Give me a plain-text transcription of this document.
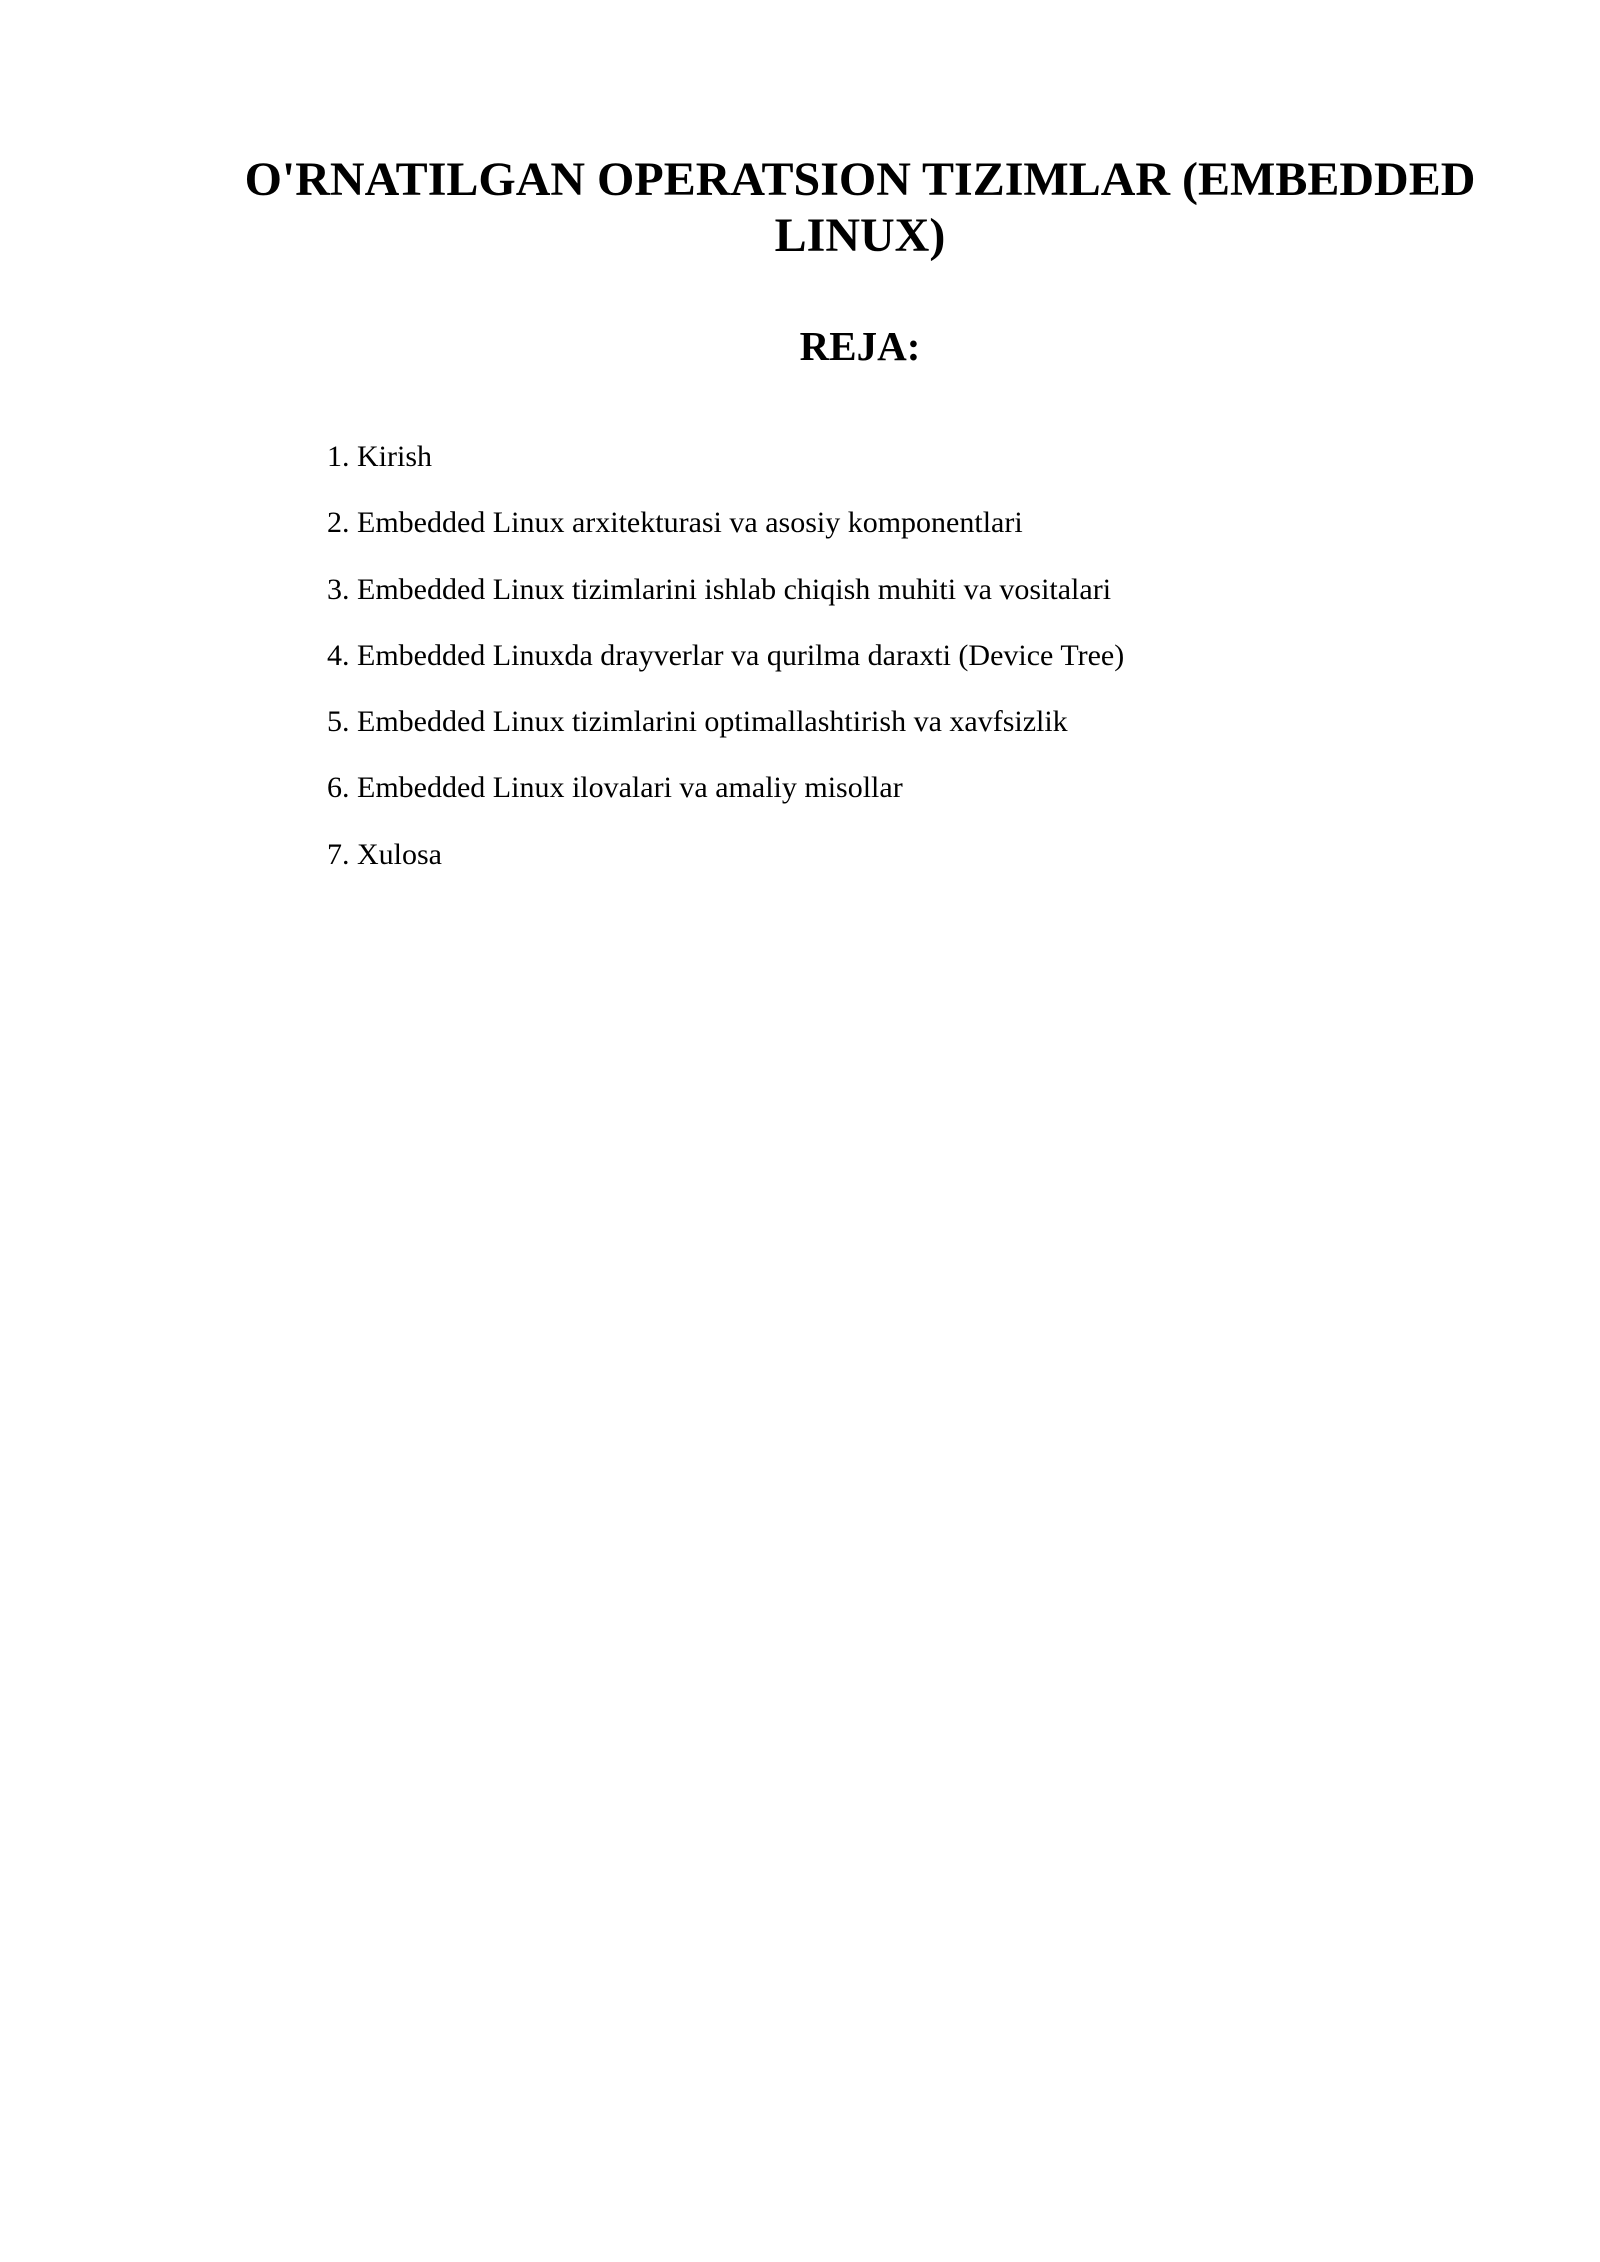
O'RNATILGAN OPERATSION TIZIMLAR (EMBEDDED LINUX)
REJA:
1. Kirish
2. Embedded Linux arxitekturasi va asosiy komponentlari
3. Embedded Linux tizimlarini ishlab chiqish muhiti va vositalari
4. Embedded Linuxda drayverlar va qurilma daraxti (Device Tree)
5. Embedded Linux tizimlarini optimallashtirish va xavfsizlik
6. Embedded Linux ilovalari va amaliy misollar
7. Xulosa
